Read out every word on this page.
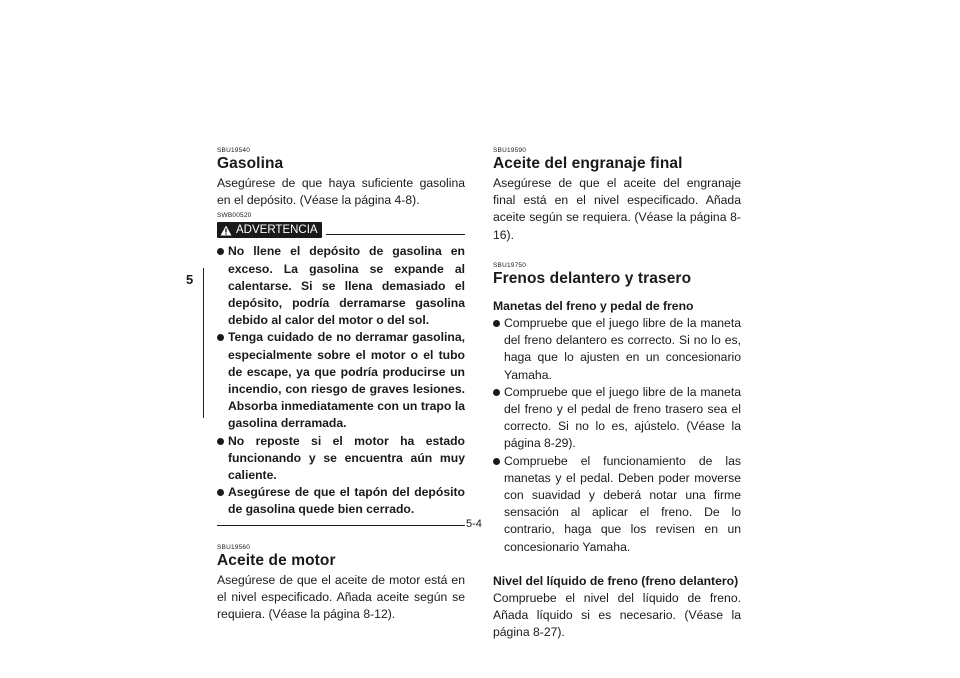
5

SBU19540

Gasolina

Asegúrese de que haya suficiente gasolina en el depósito. (Véase la página 4-8).

SWB00520

ADVERTENCIA
No llene el depósito de gasolina en exceso. La gasolina se expande al calentarse. Si se llena demasiado el depósito, podría derramarse gasolina debido al calor del motor o del sol.
Tenga cuidado de no derramar gasolina, especialmente sobre el motor o el tubo de escape, ya que podría producirse un incendio, con riesgo de graves lesiones. Absorba inmediatamente con un trapo la gasolina derramada.
No reposte si el motor ha estado funcionando y se encuentra aún muy caliente.
Asegúrese de que el tapón del depósito de gasolina quede bien cerrado.

SBU19560

Aceite de motor

Asegúrese de que el aceite de motor está en el nivel especificado. Añada aceite según se requiera. (Véase la página 8-12).

SBU19590

Aceite del engranaje final

Asegúrese de que el aceite del engranaje final está en el nivel especificado. Añada aceite según se requiera. (Véase la página 8-16).

SBU19750

Frenos delantero y trasero

Manetas del freno y pedal de freno

Compruebe que el juego libre de la maneta del freno delantero es correcto. Si no lo es, haga que lo ajusten en un concesionario Yamaha.
Compruebe que el juego libre de la maneta del freno y el pedal de freno trasero sea el correcto. Si no lo es, ajústelo. (Véase la página 8-29).
Compruebe el funcionamiento de las manetas y el pedal. Deben poder moverse con suavidad y deberá notar una firme sensación al aplicar el freno. De lo contrario, haga que los revisen en un concesionario Yamaha.

Nivel del líquido de freno (freno delantero)

Compruebe el nivel del líquido de freno. Añada líquido si es necesario. (Véase la página 8-27).

5-4
